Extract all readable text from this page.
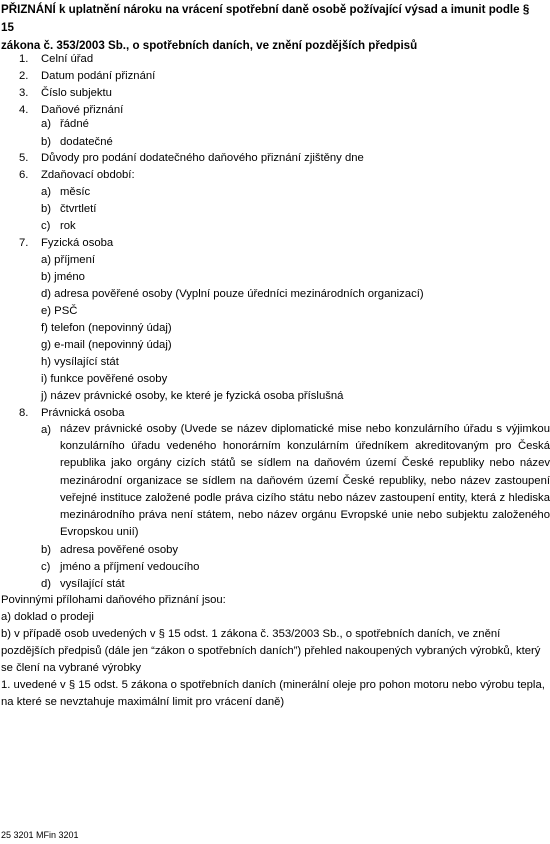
PŘIZNÁNÍ k uplatnění nároku na vrácení spotřební daně osobě požívající výsad a imunit podle § 15
zákona č. 353/2003 Sb., o spotřebních daních, ve znění pozdějších předpisů
1.	Celní úřad
2.	Datum podání přiznání
3.	Číslo subjektu
4.	Daňové přiznání
a) řádné
b) dodatečné
5.	Důvody pro podání dodatečného daňového přiznání zjištěny dne
6.	Zdaňovací období:
a) měsíc
b) čtvrtletí
c) rok
7.	Fyzická osoba
a) příjmení
b) jméno
d) adresa pověřené osoby (Vyplní pouze úředníci mezinárodních organizací)
e) PSČ
f) telefon (nepovinný údaj)
g) e-mail (nepovinný údaj)
h) vysílající stát
i) funkce pověřené osoby
j) název právnické osoby, ke které je fyzická osoba příslušná
8.	Právnická osoba
a) název právnické osoby (Uvede se název diplomatické mise nebo konzulárního úřadu s výjimkou
konzulárního úřadu vedeného honorárním konzulárním úředníkem akreditovaným pro Česká
republika jako orgány cizích států se sídlem na daňovém území České republiky nebo název
mezinárodní organizace se sídlem na daňovém území České republiky, nebo název zastoupení
veřejné instituce založené podle práva cizího státu nebo název zastoupení entity, která z hlediska
mezinárodního práva není státem, nebo název orgánu Evropské unie nebo subjektu založeného
Evropskou unií)
b) adresa pověřené osoby
c) jméno a příjmení vedoucího
d) vysílající stát
Povinnými přílohami daňového přiznání jsou:
a) doklad o prodeji
b) v případě osob uvedených v § 15 odst. 1 zákona č. 353/2003 Sb., o spotřebních daních, ve znění
pozdějších předpisů (dále jen “zákon o spotřebních daních”) přehled nakoupených vybraných výrobků, který
se člení na vybrané výrobky
1. uvedené v § 15 odst. 5 zákona o spotřebních daních (minerální oleje pro pohon motoru nebo výrobu tepla,
na které se nevztahuje maximální limit pro vrácení daně)
25 3201 MFin 3201
